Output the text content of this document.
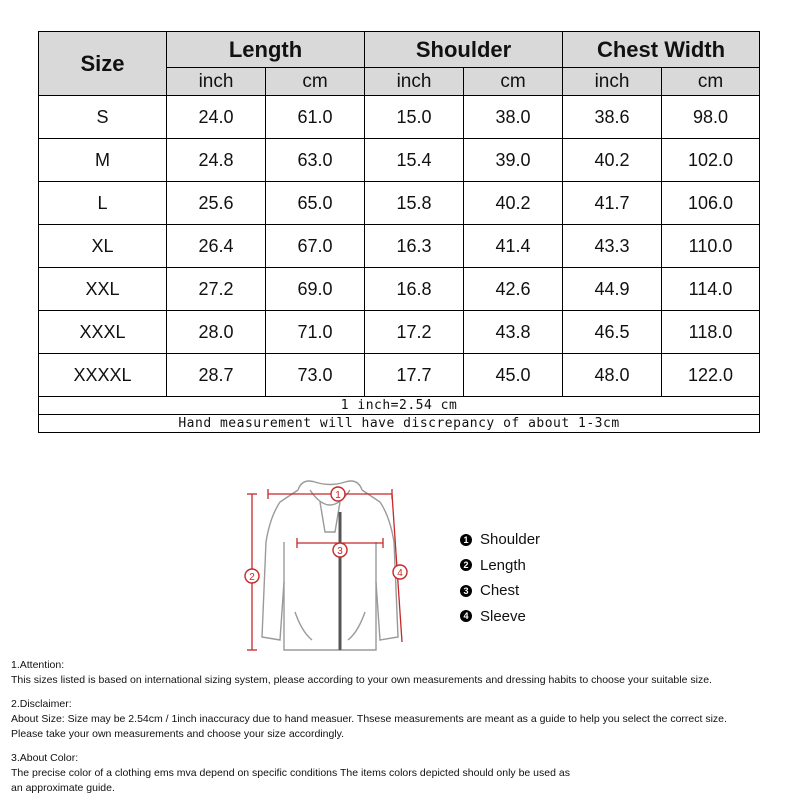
Size	Length		Shoulder		Chest Width	
	inch	cm	inch	cm	inch	cm
S	24.0	61.0	15.0	38.0	38.6	98.0
M	24.8	63.0	15.4	39.0	40.2	102.0
L	25.6	65.0	15.8	40.2	41.7	106.0
XL	26.4	67.0	16.3	41.4	43.3	110.0
XXL	27.2	69.0	16.8	42.6	44.9	114.0
XXXL	28.0	71.0	17.2	43.8	46.5	118.0
XXXXL	28.7	73.0	17.7	45.0	48.0	122.0
1 inch=2.54 cm						
Hand measurement will have discrepancy of about 1-3cm						
1
3
2	4
1 Shoulder
2 Length
3 Chest
4 Sleeve

1.Attention:

This sizes listed is based on international sizing system, please according to your own measurements and dressing habits to choose your suitable size.

2.Disclaimer:

About Size: Size may be 2.54cm / 1inch inaccuracy due to hand measuer. Thsese measurements are meant as a guide to help you select the correct size.

Please take your own measurements and choose your size accordingly.

3.About Color:

The precise color of a clothing ems mva depend on specific conditions The items colors depicted should only be used as

an approximate guide.
